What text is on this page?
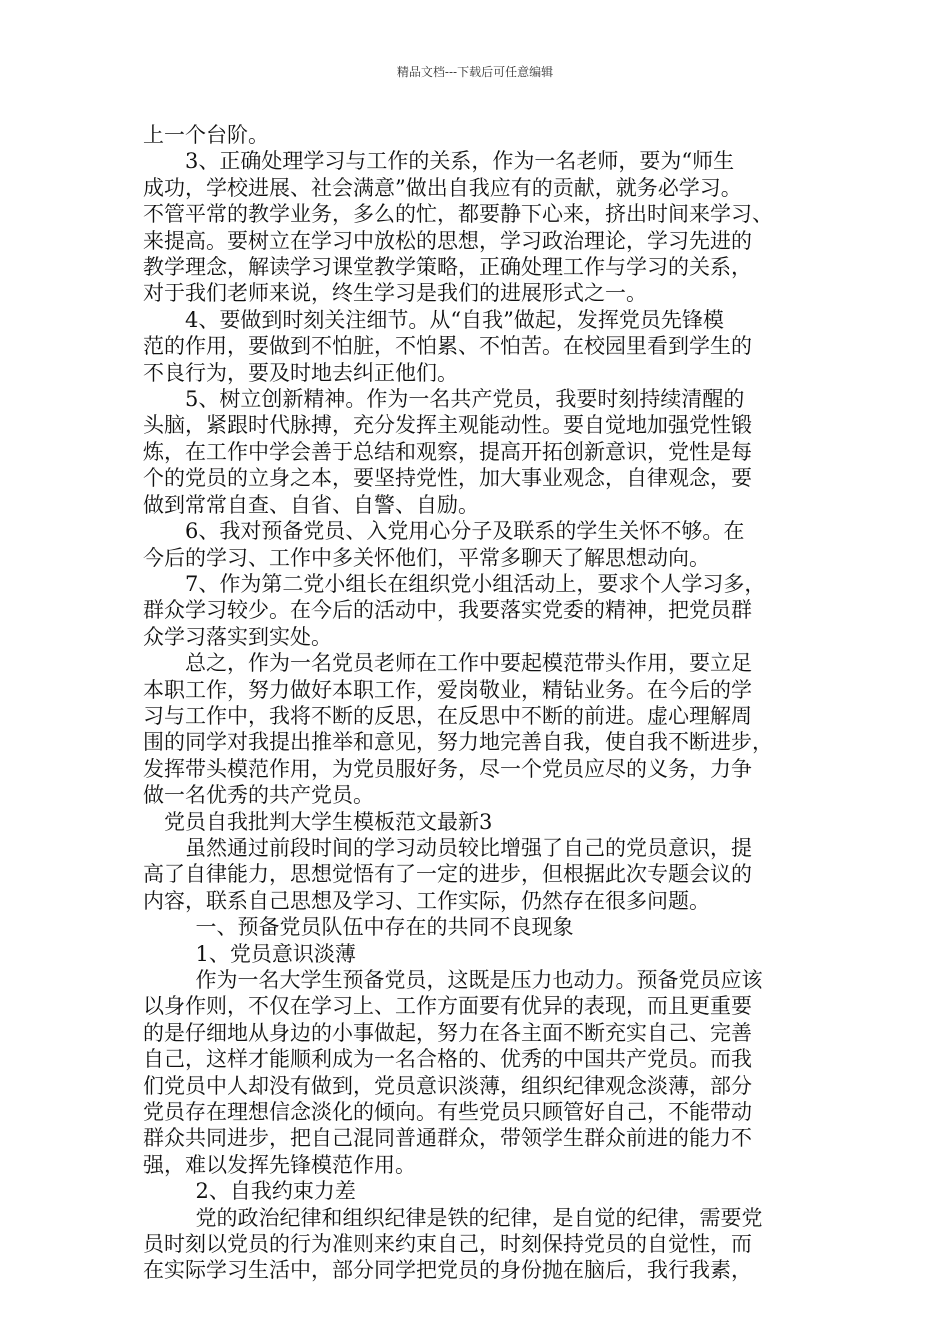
精品文档---下载后可任意编辑

上一个台阶。

3、正确处理学习与工作的关系，作为一名老师，要为“师生
成功，学校进展、社会满意”做出自我应有的贡献，就务必学习。
不管平常的教学业务，多么的忙，都要静下心来，挤出时间来学习、
来提高。要树立在学习中放松的思想，学习政治理论，学习先进的
教学理念，解读学习课堂教学策略，正确处理工作与学习的关系，
对于我们老师来说，终生学习是我们的进展形式之一。

4、要做到时刻关注细节。从“自我”做起，发挥党员先锋模
范的作用，要做到不怕脏，不怕累、不怕苦。在校园里看到学生的
不良行为，要及时地去纠正他们。

5、树立创新精神。作为一名共产党员，我要时刻持续清醒的
头脑，紧跟时代脉搏，充分发挥主观能动性。要自觉地加强党性锻
炼，在工作中学会善于总结和观察，提高开拓创新意识，党性是每
个的党员的立身之本，要坚持党性，加大事业观念，自律观念，要
做到常常自查、自省、自警、自励。

6、我对预备党员、入党用心分子及联系的学生关怀不够。在
今后的学习、工作中多关怀他们，平常多聊天了解思想动向。

7、作为第二党小组长在组织党小组活动上，要求个人学习多，
群众学习较少。在今后的活动中，我要落实党委的精神，把党员群
众学习落实到实处。

总之，作为一名党员老师在工作中要起模范带头作用，要立足
本职工作，努力做好本职工作，爱岗敬业，精钻业务。在今后的学
习与工作中，我将不断的反思，在反思中不断的前进。虚心理解周
围的同学对我提出推举和意见，努力地完善自我，使自我不断进步，
发挥带头模范作用，为党员服好务，尽一个党员应尽的义务，力争
做一名优秀的共产党员。

党员自我批判大学生模板范文最新3

虽然通过前段时间的学习动员较比增强了自己的党员意识，提
高了自律能力，思想觉悟有了一定的进步，但根据此次专题会议的
内容，联系自己思想及学习、工作实际，仍然存在很多问题。

一、预备党员队伍中存在的共同不良现象

1、党员意识淡薄

作为一名大学生预备党员，这既是压力也动力。预备党员应该

以身作则，不仅在学习上、工作方面要有优异的表现，而且更重要
的是仔细地从身边的小事做起，努力在各主面不断充实自己、完善
自己，这样才能顺利成为一名合格的、优秀的中国共产党员。而我
们党员中人却没有做到，党员意识淡薄，组织纪律观念淡薄，部分
党员存在理想信念淡化的倾向。有些党员只顾管好自己，不能带动
群众共同进步，把自己混同普通群众，带领学生群众前进的能力不
强，难以发挥先锋模范作用。

2、自我约束力差

党的政治纪律和组织纪律是铁的纪律，是自觉的纪律，需要党

员时刻以党员的行为准则来约束自己，时刻保持党员的自觉性，而
在实际学习生活中，部分同学把党员的身份抛在脑后，我行我素，
